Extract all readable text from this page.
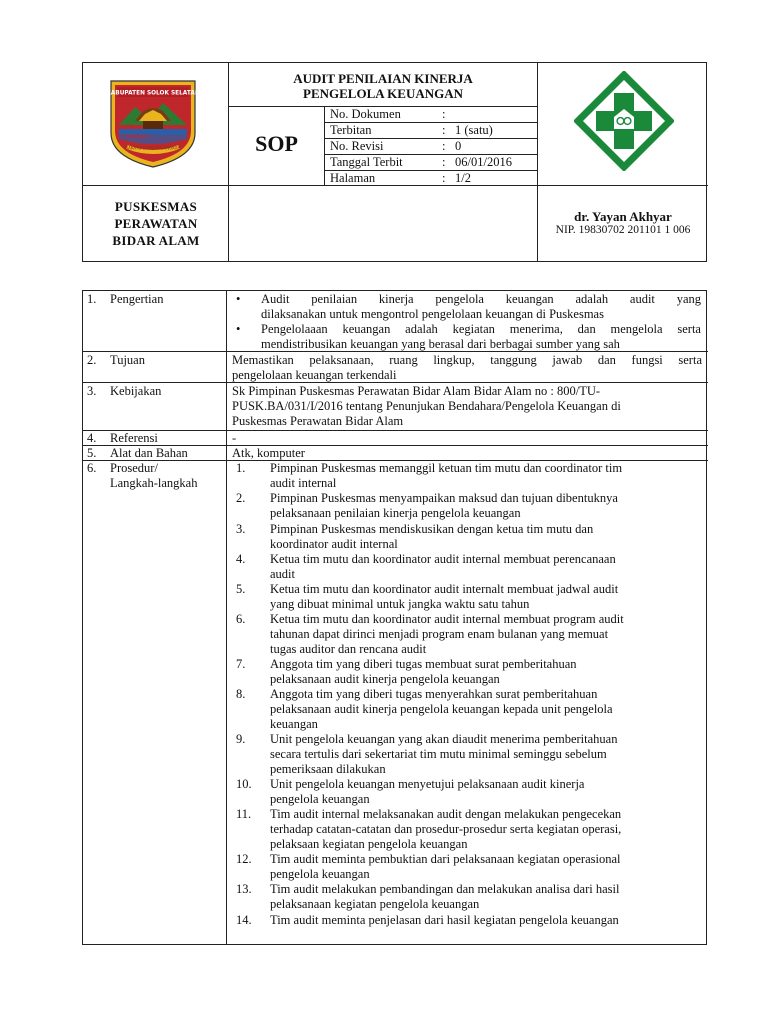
KABUPATEN SOLOK SELATAN
SAKATO SAMU SALANGKAH
PUSKESMAS
PERAWATAN
BIDAR ALAM
AUDIT PENILAIAN KINERJA
PENGELOLA KEUANGAN
SOP
No. Dokumen	:
Terbitan	: 1 (satu)
No. Revisi	: 0
Tanggal Terbit	: 06/01/2016
Halaman	: 1/2
dr. Yayan Akhyar
NIP. 19830702 201101 1 006
1. Pengertian	• Audit penilaian kinerja pengelola keuangan adalah audit yang
dilaksanakan untuk mengontrol pengelolaan keuangan di Puskesmas
• Pengelolaaan keuangan adalah kegiatan menerima, dan mengelola serta
mendistribusikan keuangan yang berasal dari berbagai sumber yang sah
2. Tujuan	Memastikan pelaksanaan, ruang lingkup, tanggung jawab dan fungsi serta
pengelolaan keuangan terkendali
3. Kebijakan	Sk Pimpinan Puskesmas Perawatan Bidar Alam Bidar Alam no : 800/TU-
PUSK.BA/031/I/2016 tentang Penunjukan Bendahara/Pengelola Keuangan di
Puskesmas Perawatan Bidar Alam
4. Referensi	-
5. Alat dan Bahan	Atk, komputer
6. Prosedur/
Langkah-langkah
1. Pimpinan Puskesmas memanggil ketuan tim mutu dan coordinator tim
audit internal
2. Pimpinan Puskesmas menyampaikan maksud dan tujuan dibentuknya
pelaksanaan penilaian kinerja pengelola keuangan
3. Pimpinan Puskesmas mendiskusikan dengan ketua tim mutu dan
koordinator audit internal
4. Ketua tim mutu dan koordinator audit internal membuat perencanaan
audit
5. Ketua tim mutu dan koordinator audit internalt membuat jadwal audit
yang dibuat minimal untuk jangka waktu satu tahun
6. Ketua tim mutu dan koordinator audit internal membuat program audit
tahunan dapat dirinci menjadi program enam bulanan yang memuat
tugas auditor dan rencana audit
7. Anggota tim yang diberi tugas membuat surat pemberitahuan
pelaksanaan audit kinerja pengelola keuangan
8. Anggota tim yang diberi tugas menyerahkan surat pemberitahuan
pelaksanaan audit kinerja pengelola keuangan kepada unit pengelola
keuangan
9. Unit pengelola keuangan yang akan diaudit menerima pemberitahuan
secara tertulis dari sekertariat tim mutu minimal seminggu sebelum
pemeriksaan dilakukan
10. Unit pengelola keuangan menyetujui pelaksanaan audit kinerja
pengelola keuangan
11. Tim audit internal melaksanakan audit dengan melakukan pengecekan
terhadap catatan-catatan dan prosedur-prosedur serta kegiatan operasi,
pelaksaan kegiatan pengelola keuangan
12. Tim audit meminta pembuktian dari pelaksanaan kegiatan operasional
pengelola keuangan
13. Tim audit melakukan pembandingan dan melakukan analisa dari hasil
pelaksanaan kegiatan pengelola keuangan
14. Tim audit meminta penjelasan dari hasil kegiatan pengelola keuangan
